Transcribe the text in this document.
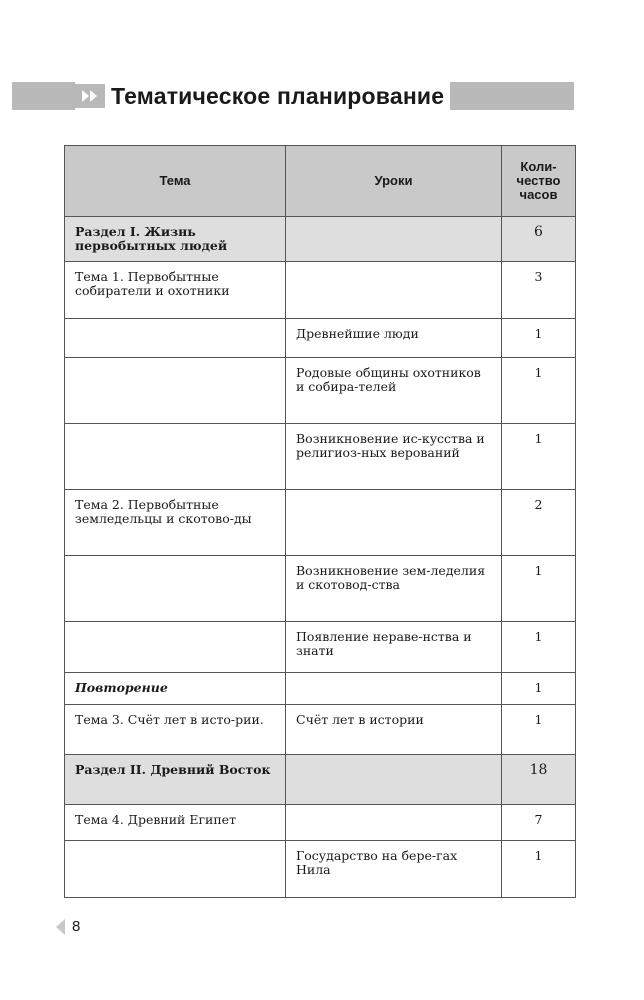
Тематическое планирование
Тема	Уроки	Коли-
чество
часов
Раздел I. Жизнь первобытных людей		6
Тема 1. Первобытные собиратели и охотники		3
	Древнейшие люди	1
	Родовые общины охотников и собира-телей	1
	Возникновение ис-кусства и религиоз-ных верований	1
Тема 2. Первобытные земледельцы и скотово-ды		2
	Возникновение зем-леделия и скотовод-ства	1
	Появление нераве-нства и знати	1
Повторение		1
Тема 3. Счёт лет в исто-рии.	Счёт лет в истории	1
Раздел II. Древний Восток		18
Тема 4. Древний Египет		7
	Государство на бере-гах Нила	1
8
